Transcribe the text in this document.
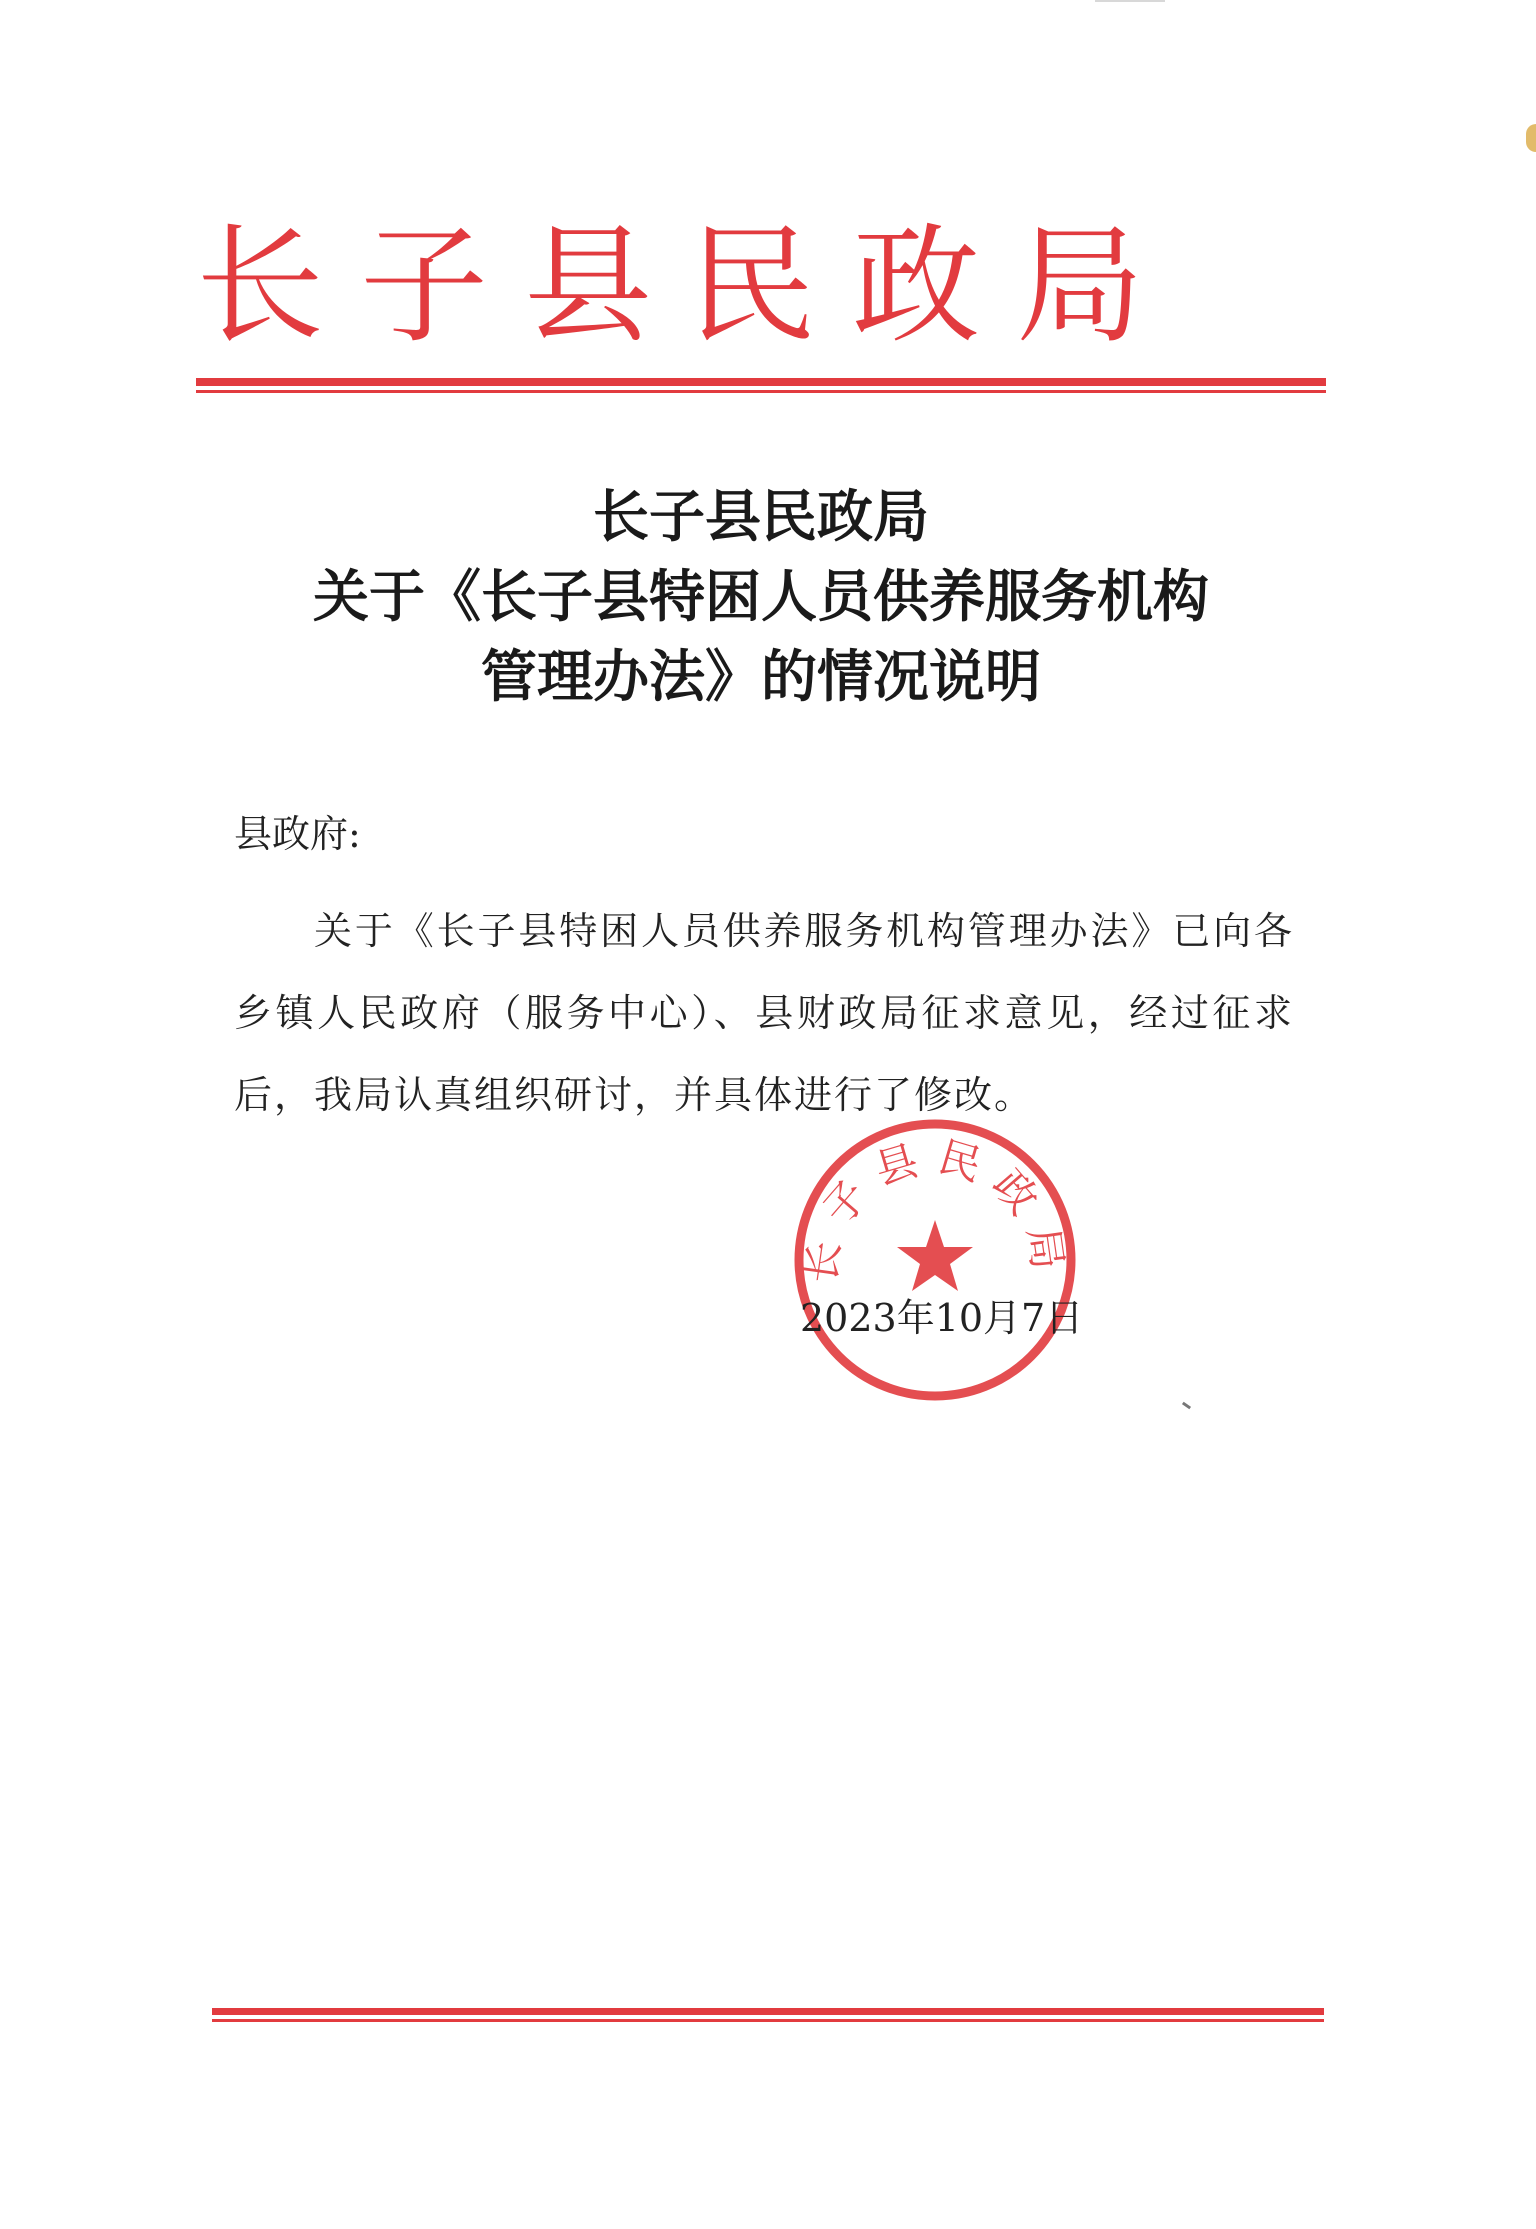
长子县民政局
长子县民政局
关于《长子县特困人员供养服务机构
管理办法》的情况说明

县政府:

关于《长子县特困人员供养服务机构管理办法》已向各乡镇人民政府（服务中心）、县财政局征求意见，经过征求后，我局认真组织研讨，并具体进行了修改。

长子县民政局
2023年10月7日
